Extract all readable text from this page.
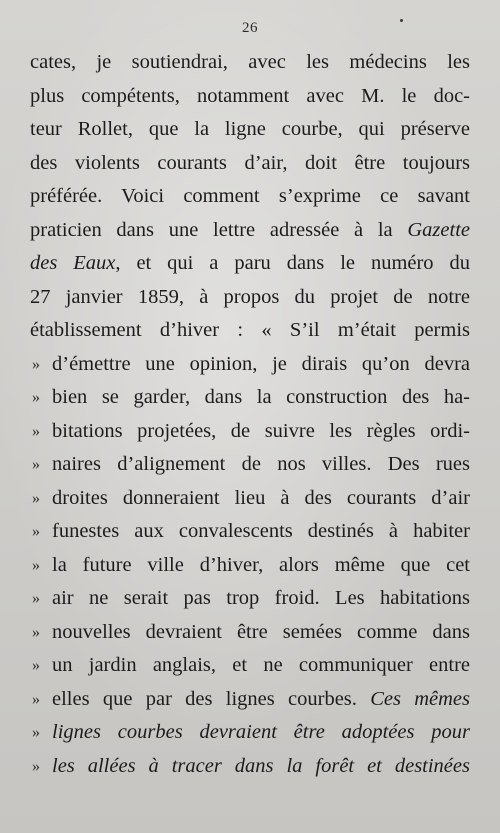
26
cates, je soutiendrai, avec les médecins les
plus compétents, notamment avec M. le doc-
teur Rollet, que la ligne courbe, qui préserve
des violents courants d’air, doit être toujours
préférée. Voici comment s’exprime ce savant
praticien dans une lettre adressée à la Gazette
des Eaux, et qui a paru dans le numéro du
27 janvier 1859, à propos du projet de notre
établissement d’hiver : « S’il m’était permis
» d’émettre une opinion, je dirais qu’on devra
» bien se garder, dans la construction des ha-
» bitations projetées, de suivre les règles ordi-
» naires d’alignement de nos villes. Des rues
» droites donneraient lieu à des courants d’air
» funestes aux convalescents destinés à habiter
» la future ville d’hiver, alors même que cet
» air ne serait pas trop froid. Les habitations
» nouvelles devraient être semées comme dans
» un jardin anglais, et ne communiquer entre
» elles que par des lignes courbes. Ces mêmes
» lignes courbes devraient être adoptées pour
» les allées à tracer dans la forêt et destinées
